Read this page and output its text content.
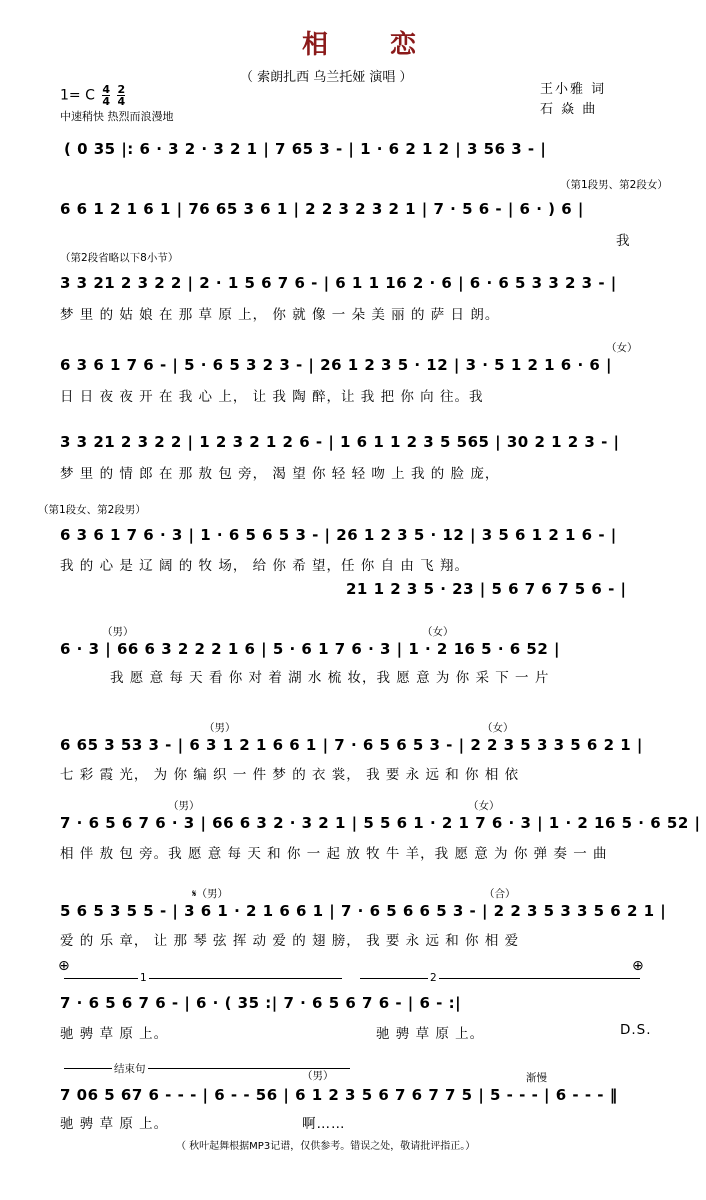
相　恋
（ 索朗扎西 乌兰托娅 演唱 ）
王小雅 词
石 焱 曲
1= C $\frac{4}{4}$
$\frac{2}{4}$
中速稍快 热烈而浪漫地
( 0 35 |: 6 · 3 2 · 3 2 1 | 7 65 3 - | 1 · 6 2 1 2 | 3 56 3 - |
（第1段男、第2段女）
6 6 1 2 1 6 1 | 76 65 3 6 1 | 2 2 3 2 3 2 1 | 7 · 5 6 - | 6 · ) 6 |
我
（第2段省略以下8小节）
3 3 21 2 3 2 2 | 2 · 1 5 6 7 6 - | 6 1 1 16 2 · 6 | 6 · 6 5 3 3 2 3 - |
梦 里 的 姑 娘 在 那 草 原 上， 你 就 像 一 朵 美 丽 的 萨 日 朗。
（女）
6 3 6 1 7 6 - | 5 · 6 5 3 2 3 - | 26 1 2 3 5 · 12 | 3 · 5 1 2 1 6 · 6 |
日 日 夜 夜 开 在 我 心 上， 让 我 陶 醉，让 我 把 你 向 往。我
3 3 21 2 3 2 2 | 1 2 3 2 1 2 6 - | 1 6 1 1 2 3 5 565 | 30 2 1 2 3 - |
梦 里 的 情 郎 在 那 敖 包 旁， 渴 望 你 轻 轻 吻 上 我 的 脸 庞，
（第1段女、第2段男）
6 3 6 1 7 6 · 3 | 1 · 6 5 6 5 3 - | 26 1 2 3 5 · 12 | 3 5 6 1 2 1 6 - |
我 的 心 是 辽 阔 的 牧 场， 给 你 希 望，任 你 自 由 飞 翔。
21 1 2 3 5 · 23 | 5 6 7 6 7 5 6 - |
（男）	（女）
6 · 3 | 66 6 3 2 2 2 1 6 | 5 · 6 1 7 6 · 3 | 1 · 2 16 5 · 6 52 |
我 愿 意 每 天 看 你 对 着 湖 水 梳 妆，我 愿 意 为 你 采 下 一 片
（男）	（女）
6 65 3 53 3 - | 6 3 1 2 1 6 6 1 | 7 · 6 5 6 5 3 - | 2 2 3 5 3 3 5 6 2 1 |
七 彩 霞 光， 为 你 编 织 一 件 梦 的 衣 裳， 我 要 永 远 和 你 相 依
（男）	（女）
7 · 6 5 6 7 6 · 3 | 66 6 3 2 · 3 2 1 | 5 5 6 1 · 2 1 7 6 · 3 | 1 · 2 16 5 · 6 52 |
相 伴 敖 包 旁。我 愿 意 每 天 和 你 一 起 放 牧 牛 羊，我 愿 意 为 你 弹 奏 一 曲
𝄋（男）	（合）
5 6 5 3 5 5 - | 3 6 1 · 2 1 6 6 1 | 7 · 6 5 6 6 5 3 - | 2 2 3 5 3 3 5 6 2 1 |
爱 的 乐 章， 让 那 琴 弦 挥 动 爱 的 翅 膀， 我 要 永 远 和 你 相 爱
⊕	⊕
1	2
7 · 6 5 6 7 6 - | 6 · ( 35 :| 7 · 6 5 6 7 6 - | 6 - :|
驰 骋 草 原 上。	驰 骋 草 原 上。	D.S.
结束句
（男）	渐慢
7 06 5 67 6 - - - | 6 - - 56 | 6 1 2 3 5 6 7 6 7 7 5 | 5 - - - | 6 - - - ‖
驰 骋 草 原 上。	啊……
（ 秋叶起舞根据MP3记谱，仅供参考。错误之处，敬请批评指正。）
